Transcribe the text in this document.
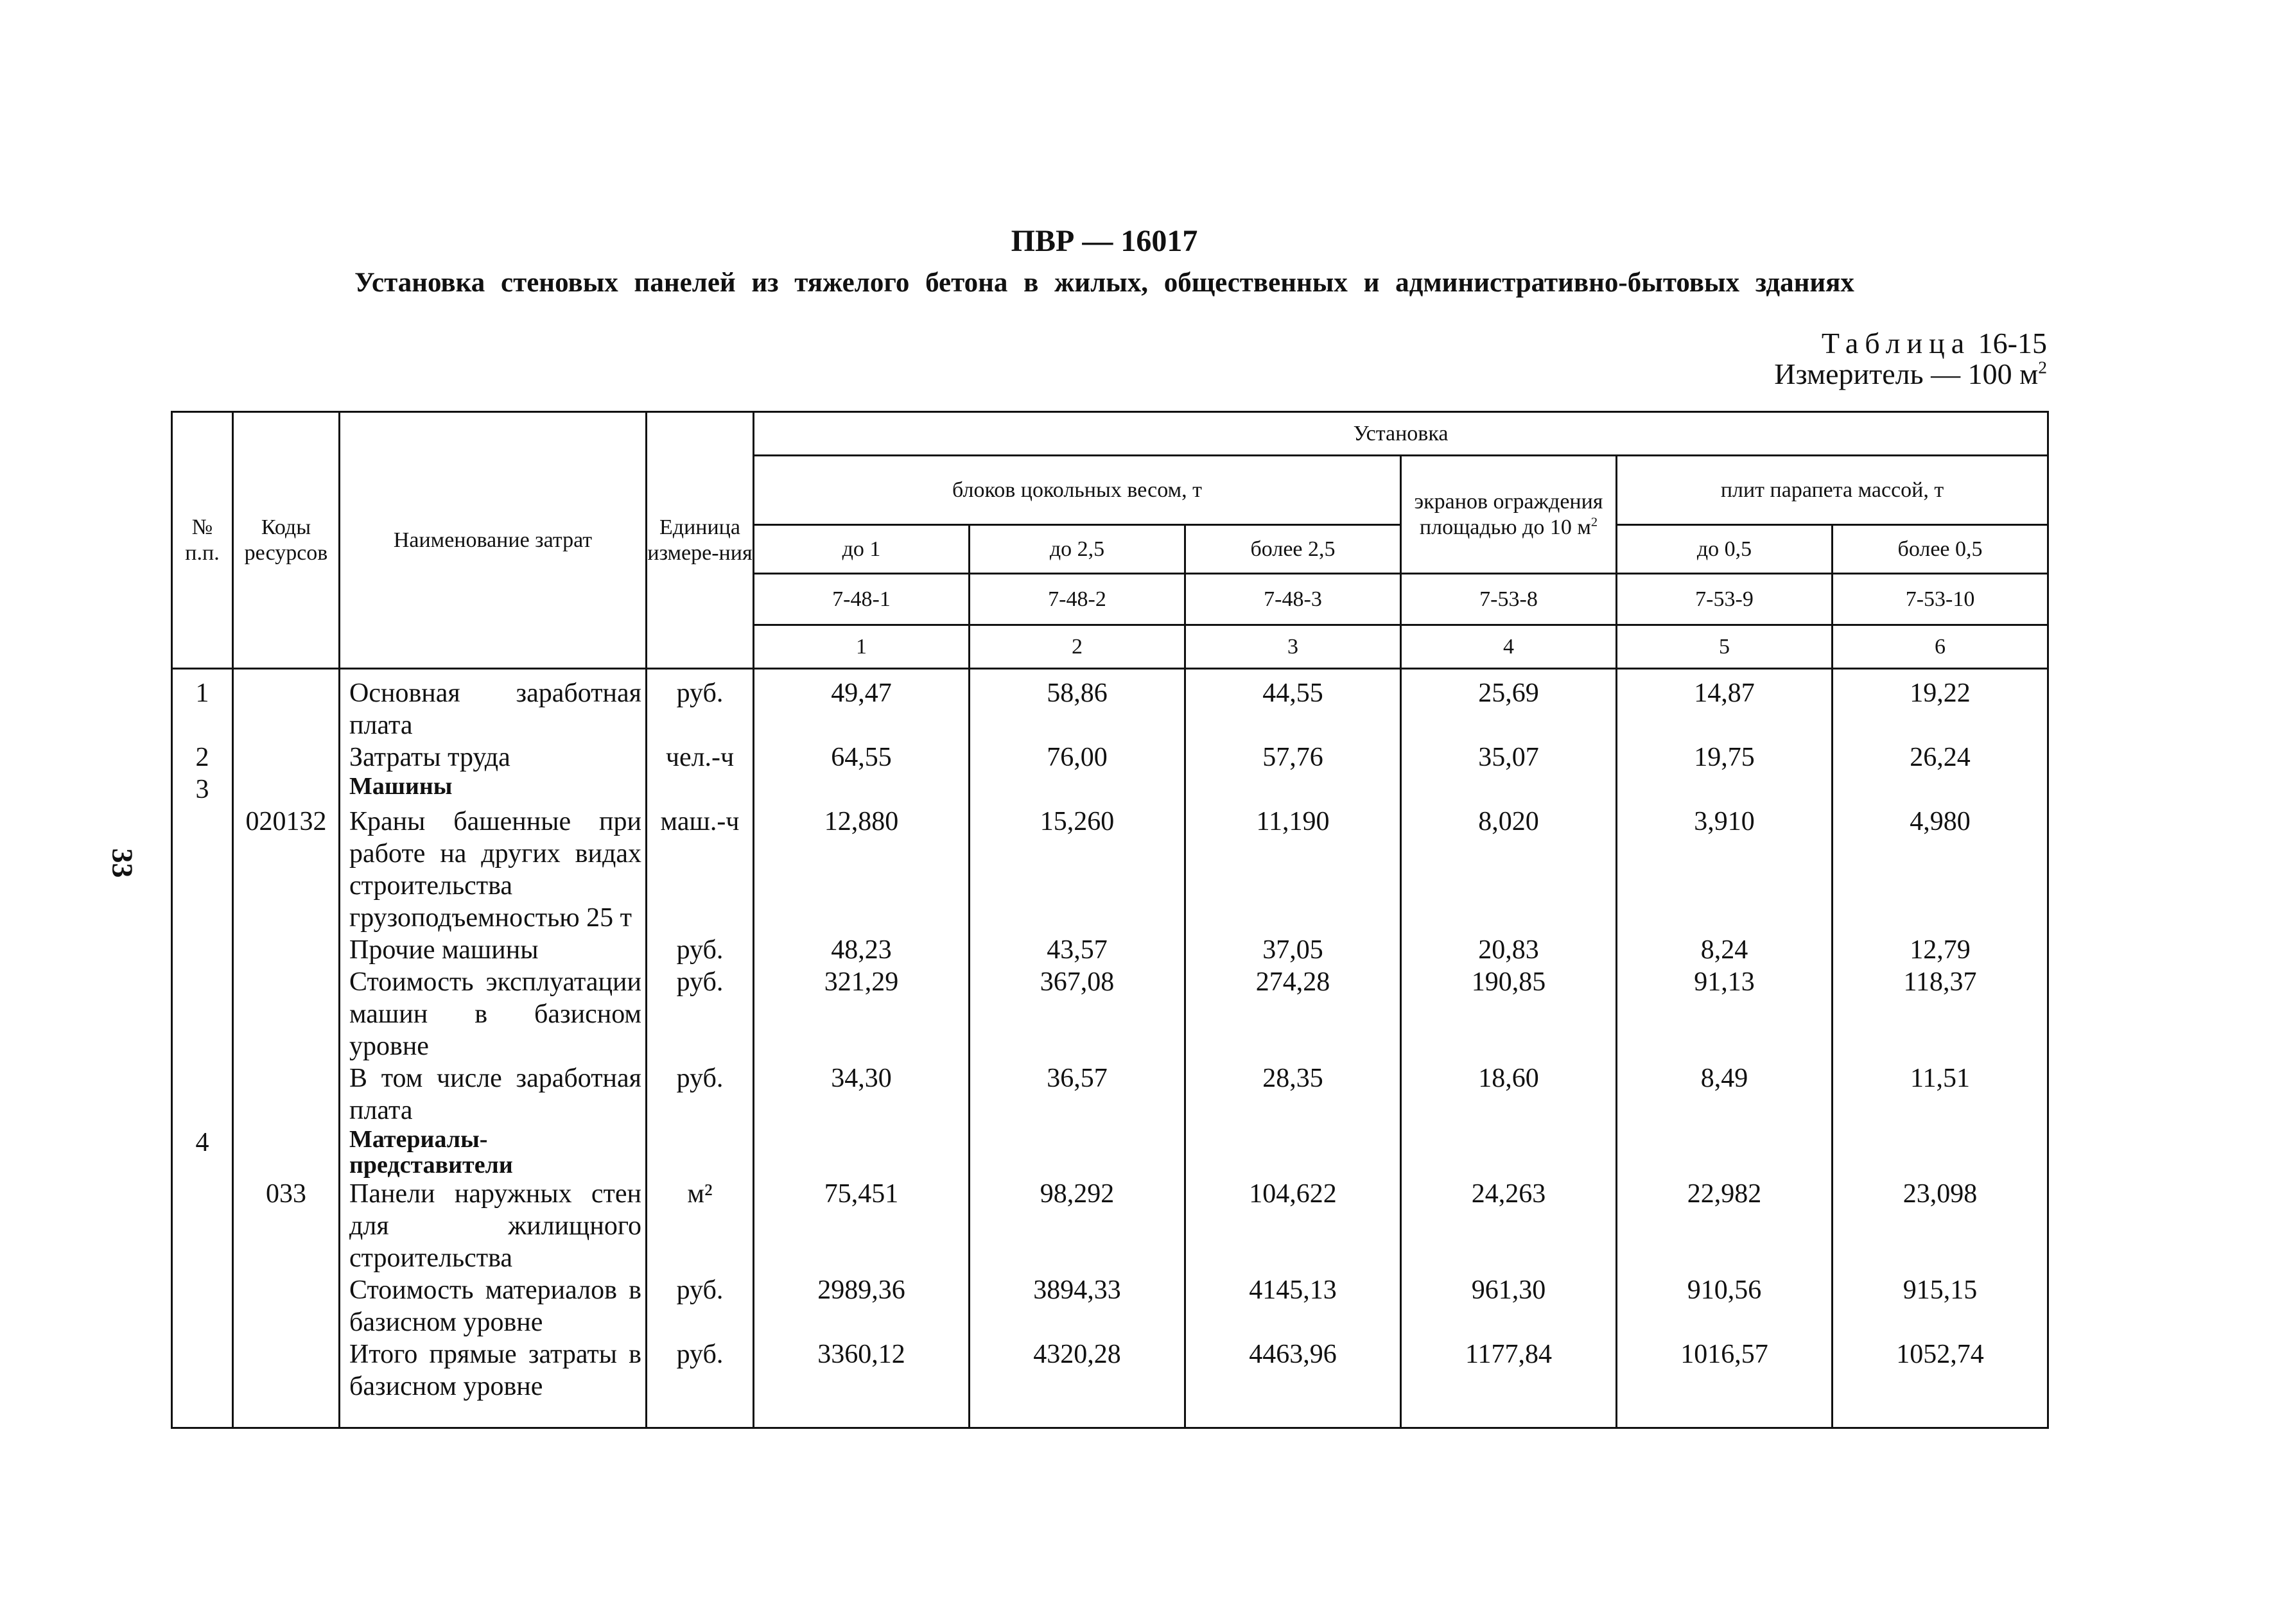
33
ПВР — 16017
Установка стеновых панелей из тяжелого бетона в жилых, общественных и административно-бытовых зданиях
Таблица 16-15
Измеритель — 100 $м^2$
№ п.п.	Коды ресурсов	Наименование затрат	Единица измере-ния	Установка					
				блоков цокольных весом, т			экранов ограждения площадью до 10 $м^2$	плит парапета массой, т	
				до 1	до 2,5	более 2,5		до 0,5	более 0,5
				7-48-1	7-48-2	7-48-3	7-53-8	7-53-9	7-53-10
				1	2	3	4	5	6
1		Основная заработная плата	руб.	49,47	58,86	44,55	25,69	14,87	19,22
2		Затраты труда	чел.-ч	64,55	76,00	57,76	35,07	19,75	26,24
3		Машины							
	020132	Краны башенные при работе на других видах строительства грузоподъемностью 25 т	маш.-ч	12,880	15,260	11,190	8,020	3,910	4,980
		Прочие машины	руб.	48,23	43,57	37,05	20,83	8,24	12,79
		Стоимость эксплуатации машин в базисном уровне	руб.	321,29	367,08	274,28	190,85	91,13	118,37
		В том числе заработная плата	руб.	34,30	36,57	28,35	18,60	8,49	11,51
4		Материалы-представители							
	033	Панели наружных стен для жилищного строительства	м²	75,451	98,292	104,622	24,263	22,982	23,098
		Стоимость материалов в базисном уровне	руб.	2989,36	3894,33	4145,13	961,30	910,56	915,15
		Итого прямые затраты в базисном уровне	руб.	3360,12	4320,28	4463,96	1177,84	1016,57	1052,74
